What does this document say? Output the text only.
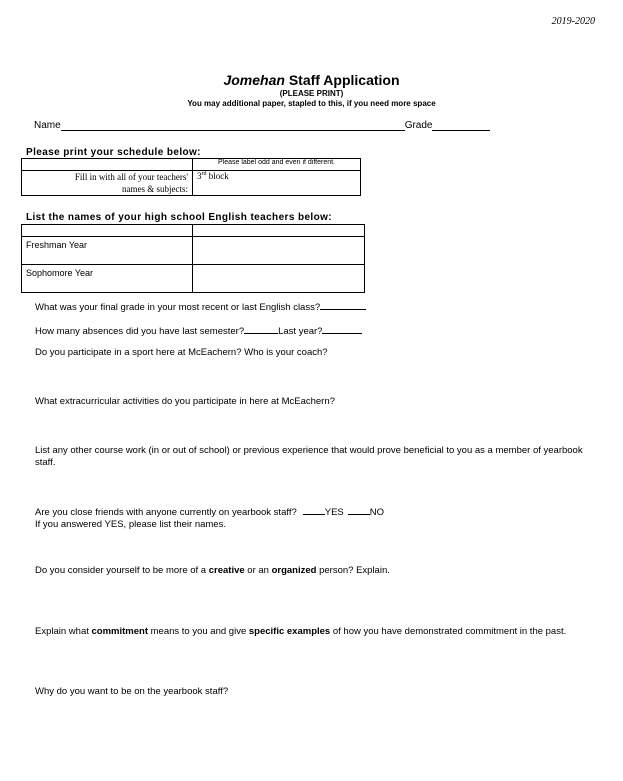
2019-2020
Jomehan Staff Application
(PLEASE PRINT)
You may additional paper, stapled to this, if you need more space
Name	Grade
Please print your schedule below:
	Please label odd and even if different.

Fill in with all of your teachers'
names & subjects:	3rd block
List the names of your high school English teachers below:

Freshman Year	
Sophomore Year	
What was your final grade in your most recent or last English class?
How many absences did you have last semester?	Last year?
Do you participate in a sport here at McEachern? Who is your coach?
What extracurricular activities do you participate in here at McEachern?
List any other course work (in or out of school) or previous experience that would prove beneficial to you as a member of yearbook staff.
Are you close friends with anyone currently on yearbook staff?	YES	NO
If you answered YES, please list their names.
Do you consider yourself to be more of a creative or an organized person? Explain.
Explain what commitment means to you and give specific examples of how you have demonstrated commitment in the past.
Why do you want to be on the yearbook staff?
